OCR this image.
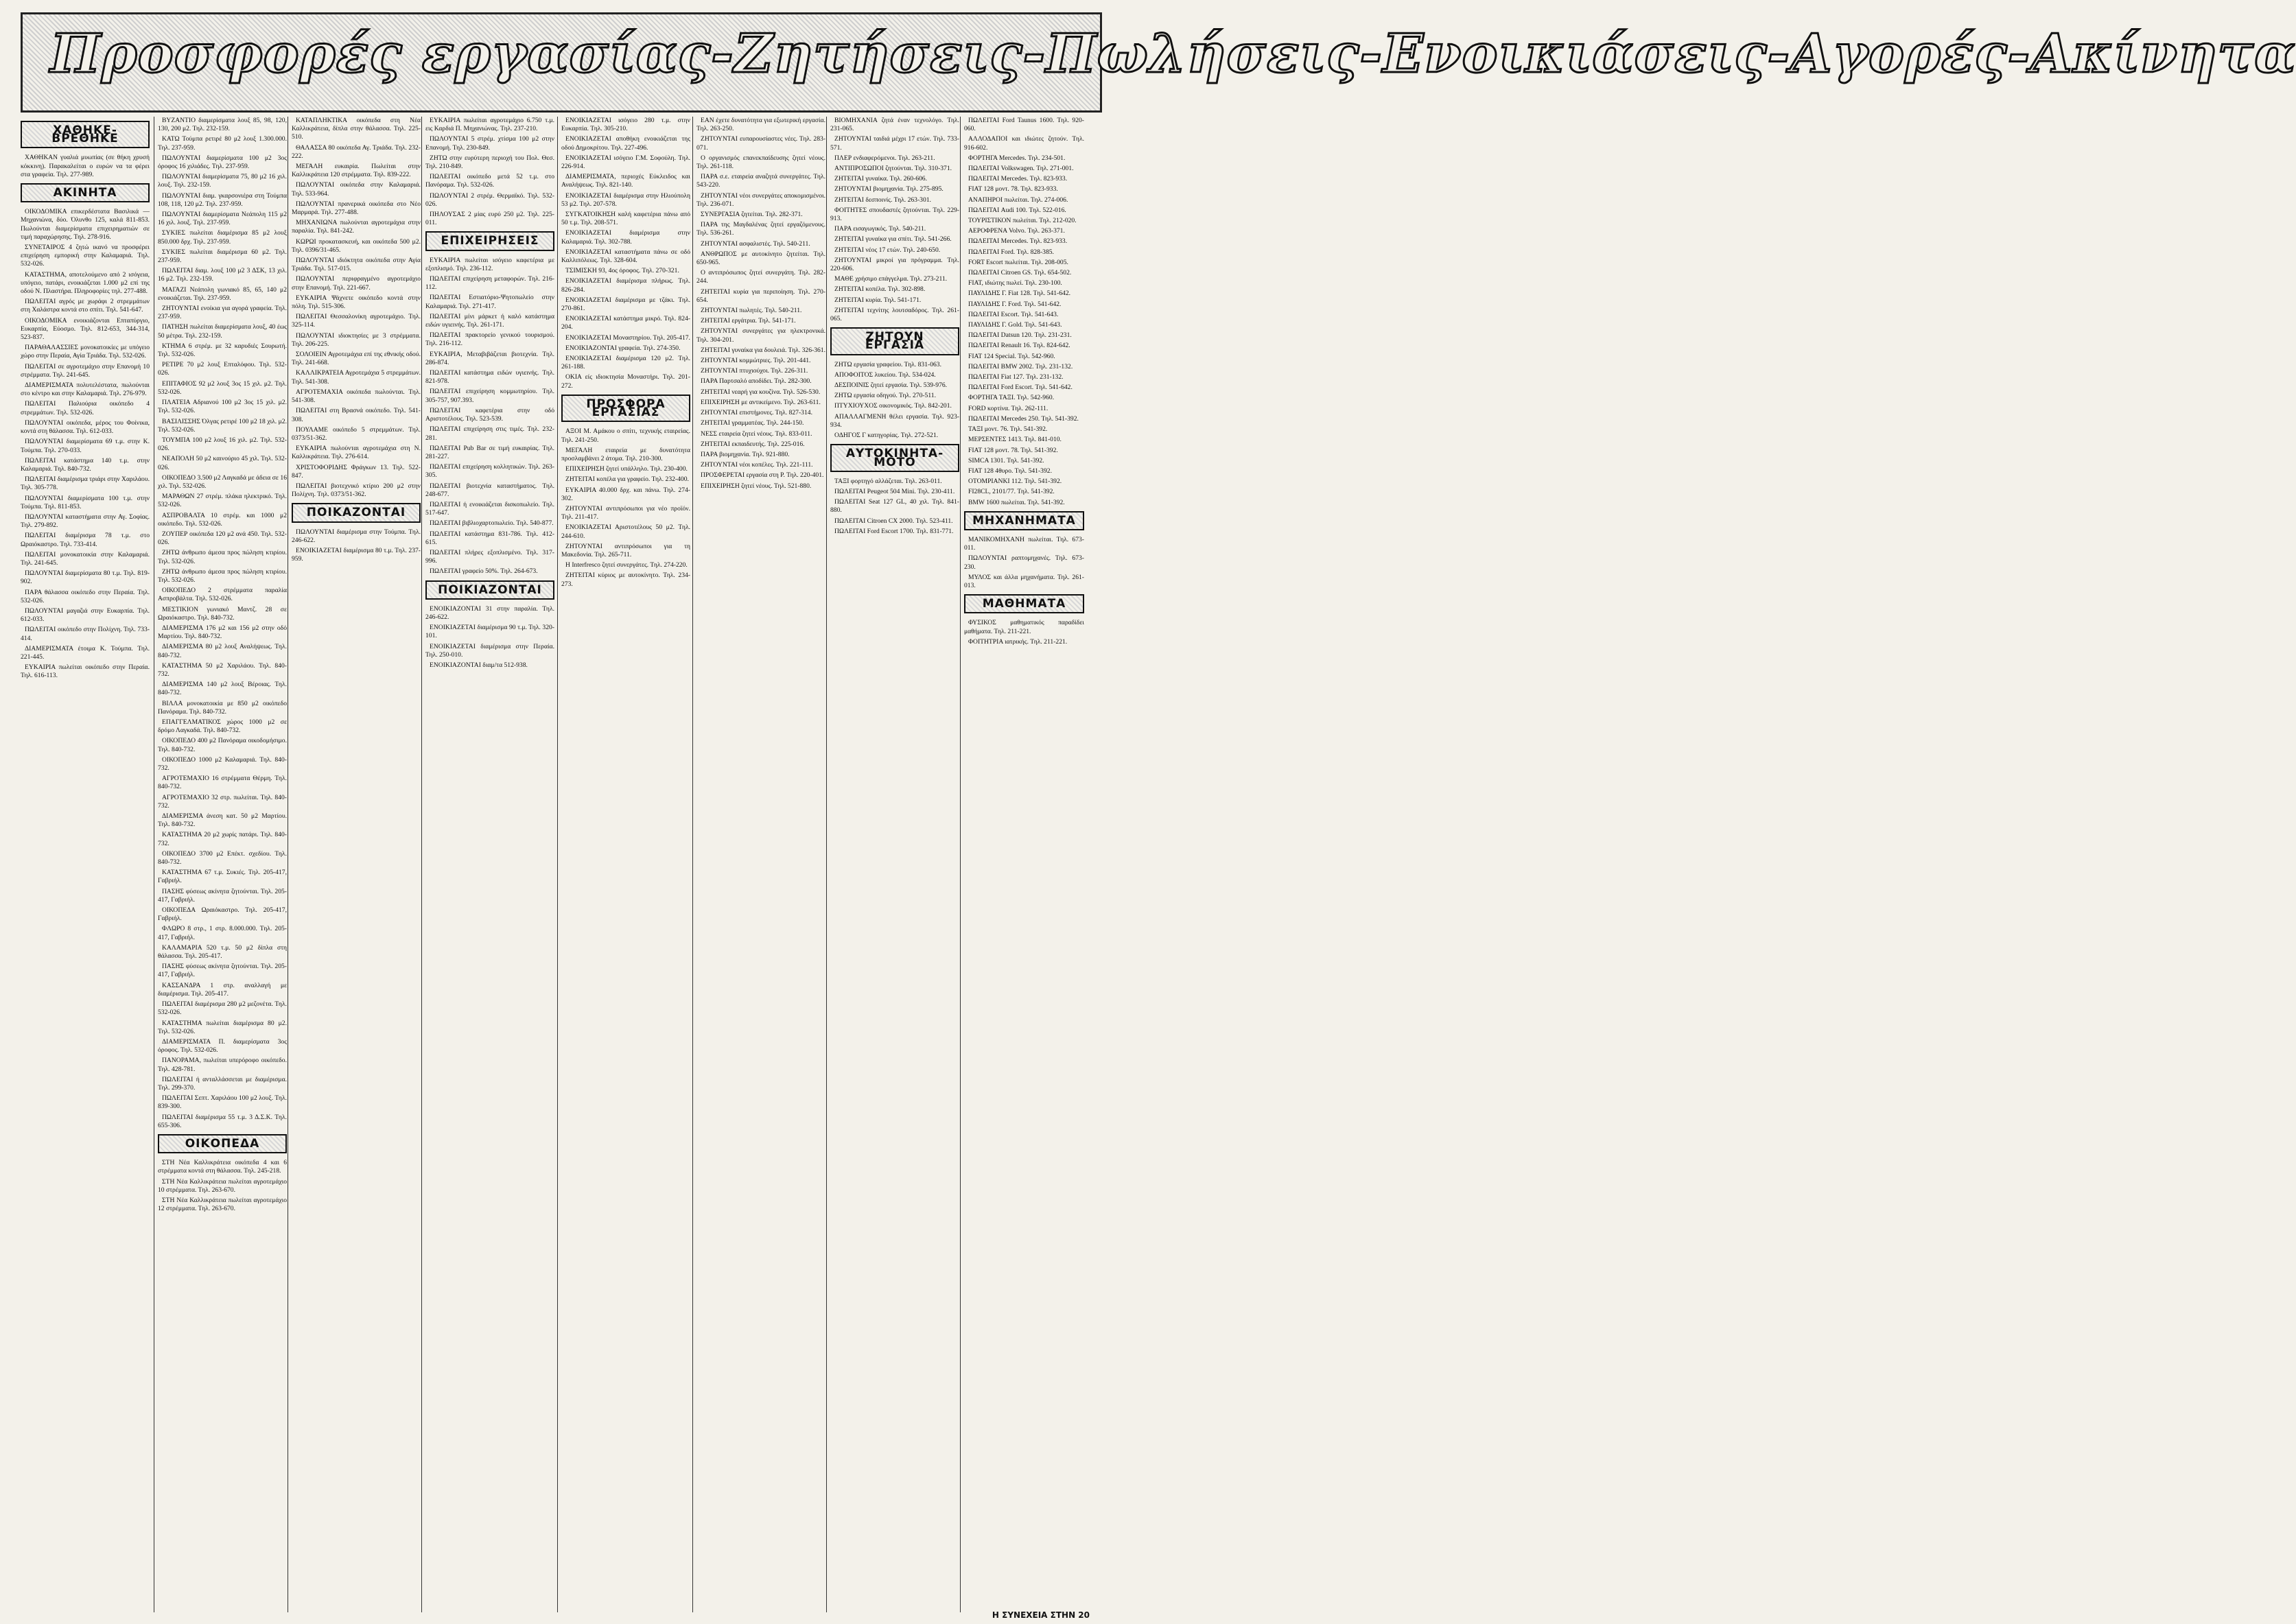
Προσφορές εργασίας-Ζητήσεις-Πωλήσεις-Ενοικιάσεις-Αγορές-Ακίνητα
ΧΑΘΗΚΕ-ΒΡΕΘΗΚΕ

ΧΑΘΗΚΑΝ γυαλιά μυωπίας (σε θήκη χρυσή κόκκινη). Παρακαλείται ο ευρών να τα φέρει στα γραφεία. Τηλ. 277-989.

ΑΚΙΝΗΤΑ

ΟΙΚΟΔΟΜΙΚΑ επικερδέστατα Βασιλικά — Μηχανιώνα, δύο. Όλυνθο 125, καλά 811-853. Πωλούνται διαμερίσματα επιχειρηματιών σε τιμή παραχώρησης. Τηλ. 278-916.

ΣΥΝΕΤΑΙΡΟΣ 4 ζητώ ικανό να προσφέρει επιχείρηση εμπορική στην Καλαμαριά. Τηλ. 532-026.

ΚΑΤΑΣΤΗΜΑ, αποτελούμενο από 2 ισόγεια, υπόγειο, πατάρι, ενοικιάζεται 1.000 μ2 επί της οδού Ν. Πλαστήρα. Πληροφορίες τηλ. 277-488.

ΠΩΛΕΙΤΑΙ αγρός με χωράφι 2 στρεμμάτων στη Χαλάστρα κοντά στο σπίτι. Τηλ. 541-647.

ΟΙΚΟΔΟΜΙΚΑ ενοικιάζονται Επταπύργιο, Ευκαρπία, Εύοσμο. Τηλ. 812-653, 344-314, 523-837.

ΠΑΡΑΘΑΛΑΣΣΙΕΣ μονοκατοικίες με υπόγειο χώρο στην Περαία, Αγία Τριάδα. Τηλ. 532-026.

ΠΩΛΕΙΤΑΙ σε αγροτεμάχιο στην Επανομή 10 στρέμματα. Τηλ. 241-645.

ΔΙΑΜΕΡΙΣΜΑΤΑ πολυτελέστατα, πωλούνται στο κέντρο και στην Καλαμαριά. Τηλ. 276-979.

ΠΩΛΕΙΤΑΙ Παλιούρια οικόπεδο 4 στρεμμάτων. Τηλ. 532-026.

ΠΩΛΟΥΝΤΑΙ οικόπεδα, μέρος του Φοίνικα, κοντά στη θάλασσα. Τηλ. 612-033.

ΠΩΛΟΥΝΤΑΙ διαμερίσματα 69 τ.μ. στην Κ. Τούμπα. Τηλ. 270-033.

ΠΩΛΕΙΤΑΙ κατάστημα 140 τ.μ. στην Καλαμαριά. Τηλ. 840-732.

ΠΩΛΕΙΤΑΙ διαμέρισμα τριάρι στην Χαριλάου. Τηλ. 305-778.

ΠΩΛΟΥΝΤΑΙ διαμερίσματα 100 τ.μ. στην Τούμπα. Τηλ. 811-853.

ΠΩΛΟΥΝΤΑΙ καταστήματα στην Αγ. Σοφίας. Τηλ. 279-892.

ΠΩΛΕΙΤΑΙ διαμέρισμα 78 τ.μ. στο Ωραιόκαστρο. Τηλ. 733-414.

ΠΩΛΕΙΤΑΙ μονοκατοικία στην Καλαμαριά. Τηλ. 241-645.

ΠΩΛΟΥΝΤΑΙ διαμερίσματα 80 τ.μ. Τηλ. 819-902.

ΠΑΡΑ θάλασσα οικόπεδο στην Περαία. Τηλ. 532-026.

ΠΩΛΟΥΝΤΑΙ μαγαζιά στην Ευκαρπία. Τηλ. 612-033.

ΠΩΛΕΙΤΑΙ οικόπεδο στην Πολίχνη. Τηλ. 733-414.

ΔΙΑΜΕΡΙΣΜΑΤΑ έτοιμα Κ. Τούμπα. Τηλ. 221-445.

ΕΥΚΑΙΡΙΑ πωλείται οικόπεδο στην Περαία. Τηλ. 616-113.

ΒΥΖΑΝΤΙΟ διαμερίσματα λουξ 85, 98, 120, 130, 200 μ2. Τηλ. 232-159.

ΚΑΤΩ Τούμπα ρετιρέ 80 μ2 λουξ 1.300.000. Τηλ. 237-959.

ΠΩΛΟΥΝΤΑΙ διαμερίσματα 100 μ2 3ος όροφος 16 χιλιάδες. Τηλ. 237-959.

ΠΩΛΟΥΝΤΑΙ διαμερίσματα 75, 80 μ2 16 χιλ. λουξ. Τηλ. 232-159.

ΠΩΛΟΥΝΤΑΙ διαμ. γκαρσονιέρα στη Τούμπα 108, 118, 120 μ2. Τηλ. 237-959.

ΠΩΛΟΥΝΤΑΙ διαμερίσματα Νεάπολη 115 μ2 16 χιλ. λουξ. Τηλ. 237-959.

ΣΥΚΙΕΣ πωλείται διαμέρισμα 85 μ2 λουξ 850.000 δρχ. Τηλ. 237-959.

ΣΥΚΙΕΣ πωλείται διαμέρισμα 60 μ2. Τηλ. 237-959.

ΠΩΛΕΙΤΑΙ διαμ. λουξ 100 μ2 3 ΔΣΚ, 13 χιλ. 16 μ2. Τηλ. 232-159.

ΜΑΓΑΖΙ Νεάπολη γωνιακό 85, 65, 140 μ2 ενοικιάζεται. Τηλ. 237-959.

ΖΗΤΟΥΝΤΑΙ ενοίκια για αγορά γραφεία. Τηλ. 237-959.

ΠΑΤΗΣΗ πωλείται διαμερίσματα λουξ, 40 έως 50 μέτρα. Τηλ. 232-159.

ΚΤΗΜΑ 6 στρέμ. με 32 καρυδιές Σουρωτή. Τηλ. 532-026.

ΡΕΤΙΡΕ 70 μ2 λουξ Επταλόφου. Τηλ. 532-026.

ΕΠΙΤΑΦΙΟΣ 92 μ2 λουξ 3ος 15 χιλ. μ2. Τηλ. 532-026.

ΠΛΑΤΕΙΑ Αδριανού 100 μ2 3ος 15 χιλ. μ2. Τηλ. 532-026.

ΒΑΣΙΛΙΣΣΗΣ Όλγας ρετιρέ 100 μ2 18 χιλ. μ2. Τηλ. 532-026.

ΤΟΥΜΠΑ 100 μ2 λουξ 16 χιλ. μ2. Τηλ. 532-026.

ΝΕΑΠΟΛΗ 50 μ2 καινούριο 45 χιλ. Τηλ. 532-026.

ΟΙΚΟΠΕΔΟ 3.500 μ2 Λαγκαδά με άδεια σε 16 χιλ. Τηλ. 532-026.

ΜΑΡΑΘΩΝ 27 στρέμ. πλάκα ηλεκτρικό. Τηλ. 532-026.

ΑΣΠΡΟΒΑΛΤΑ 10 στρέμ. και 1000 μ2 οικόπεδο. Τηλ. 532-026.

ΖΟΥΠΕΡ οικόπεδα 120 μ2 ανά 450. Τηλ. 532-026.

ΖΗΤΩ άνθρωπο άμεσα προς πώληση κτιρίου. Τηλ. 532-026.

ΖΗΤΩ άνθρωπο άμεσα προς πώληση κτιρίου. Τηλ. 532-026.

ΟΙΚΟΠΕΔΟ 2 στρέμματα παραλία Ασπροβάλτα. Τηλ. 532-026.

ΜΕΣΤΙΚΙΟΝ γωνιακό Μαντζ. 28 σε Ωραιόκαστρο. Τηλ. 840-732.

ΔΙΑΜΕΡΙΣΜΑ 176 μ2 και 156 μ2 στην οδό Μαρτίου. Τηλ. 840-732.

ΔΙΑΜΕΡΙΣΜΑ 80 μ2 λουξ Αναλήψεως. Τηλ. 840-732.

ΚΑΤΑΣΤΗΜΑ 50 μ2 Χαριλάου. Τηλ. 840-732.

ΔΙΑΜΕΡΙΣΜΑ 140 μ2 λουξ Βέροιας. Τηλ. 840-732.

ΒΙΛΛΑ μονοκατοικία με 850 μ2 οικόπεδο Πανόραμα. Τηλ. 840-732.

ΕΠΑΓΓΕΛΜΑΤΙΚΟΣ χώρος 1000 μ2 σε δρόμο Λαγκαδά. Τηλ. 840-732.

ΟΙΚΟΠΕΔΟ 400 μ2 Πανόραμα οικοδομήσιμο. Τηλ. 840-732.

ΟΙΚΟΠΕΔΟ 1000 μ2 Καλαμαριά. Τηλ. 840-732.

ΑΓΡΟΤΕΜΑΧΙΟ 16 στρέμματα Θέρμη. Τηλ. 840-732.

ΑΓΡΟΤΕΜΑΧΙΟ 32 στρ. πωλείται. Τηλ. 840-732.

ΔΙΑΜΕΡΙΣΜΑ άνεση κατ. 50 μ2 Μαρτίου. Τηλ. 840-732.

ΚΑΤΑΣΤΗΜΑ 20 μ2 χωρίς πατάρι. Τηλ. 840-732.

ΟΙΚΟΠΕΔΟ 3700 μ2 Επέκτ. σχεδίου. Τηλ. 840-732.

ΚΑΤΑΣΤΗΜΑ 67 τ.μ. Συκιές. Τηλ. 205-417, Γαβριήλ.

ΠΑΣΗΣ φύσεως ακίνητα ζητούνται. Τηλ. 205-417, Γαβριήλ.

ΟΙΚΟΠΕΔΑ Ωραιόκαστρο. Τηλ. 205-417, Γαβριήλ.

ΦΛΩΡΟ 8 στρ., 1 στρ. 8.000.000. Τηλ. 205-417, Γαβριήλ.

ΚΑΛΑΜΑΡΙΑ 520 τ.μ. 50 μ2 δίπλα στη θάλασσα. Τηλ. 205-417.

ΠΑΣΗΣ φύσεως ακίνητα ζητούνται. Τηλ. 205-417, Γαβριήλ.

ΚΑΣΣΑΝΔΡΑ 1 στρ. αναλλαγή με διαμέρισμα. Τηλ. 205-417.

ΠΩΛΕΙΤΑΙ διαμέρισμα 280 μ2 μεζονέτα. Τηλ. 532-026.

ΚΑΤΑΣΤΗΜΑ πωλείται διαμέρισμα 80 μ2. Τηλ. 532-026.

ΔΙΑΜΕΡΙΣΜΑΤΑ Π. διαμερίσματα 3ος όροφος. Τηλ. 532-026.

ΠΑΝΟΡΑΜΑ, πωλείται υπερόροφο οικόπεδο. Τηλ. 428-781.

ΠΩΛΕΙΤΑΙ ή ανταλλάσσεται με διαμέρισμα. Τηλ. 299-370.

ΠΩΛΕΙΤΑΙ Σεπτ. Χαριλάου 100 μ2 λουξ. Τηλ. 839-300.

ΠΩΛΕΙΤΑΙ διαμέρισμα 55 τ.μ. 3 Δ.Σ.Κ. Τηλ. 655-306.

ΟΙΚΟΠΕΔΑ

ΣΤΗ Νέα Καλλικράτεια οικόπεδα 4 και 6 στρέμματα κοντά στη θάλασσα. Τηλ. 245-218.

ΣΤΗ Νέα Καλλικράτεια πωλείται αγροτεμάχιο 10 στρέμματα. Τηλ. 263-670.

ΣΤΗ Νέα Καλλικράτεια πωλείται αγροτεμάχιο 12 στρέμματα. Τηλ. 263-670.

ΚΑΤΑΠΛΗΚΤΙΚΑ οικόπεδα στη Νέα Καλλικράτεια, δίπλα στην θάλασσα. Τηλ. 225-510.

ΘΑΛΑΣΣΑ 80 οικόπεδα Αγ. Τριάδα. Τηλ. 232-222.

ΜΕΓΑΛΗ ευκαιρία. Πωλείται στην Καλλικράτεια 120 στρέμματα. Τηλ. 839-222.

ΠΩΛΟΥΝΤΑΙ οικόπεδα στην Καλαμαριά. Τηλ. 533-964.

ΠΩΛΟΥΝΤΑΙ πρανερικά οικόπεδα στο Νέο Μαρμαρά. Τηλ. 277-488.

ΜΗΧΑΝΙΩΝΑ πωλούνται αγροτεμάχια στην παραλία. Τηλ. 841-242.

ΚΩΡΩΙ προκατασκευή, και οικόπεδα 500 μ2. Τηλ. 0396/31-465.

ΠΩΛΟΥΝΤΑΙ ιδιόκτητα οικόπεδα στην Αγία Τριάδα. Τηλ. 517-015.

ΠΩΛΟΥΝΤΑΙ περιφραγμένο αγροτεμάχιο στην Επανομή. Τηλ. 221-667.

ΕΥΚΑΙΡΙΑ Ψάχνετε οικόπεδο κοντά στην πόλη. Τηλ. 515-306.

ΠΩΛΕΙΤΑΙ Θεσσαλονίκη αγροτεμάχιο. Τηλ. 325-114.

ΠΩΛΟΥΝΤΑΙ ιδιοκτησίες με 3 στρέμματα. Τηλ. 206-225.

ΣΟΛΟΙΕΙΝ Αγροτεμάχια επί της εθνικής οδού. Τηλ. 241-668.

ΚΑΛΛΙΚΡΑΤΕΙΑ Αγροτεμάχια 5 στρεμμάτων. Τηλ. 541-308.

ΑΓΡΟΤΕΜΑΧΙΑ οικόπεδα πωλούνται. Τηλ. 541-308.

ΠΩΛΕΙΤΑΙ στη Βρασνά οικόπεδο. Τηλ. 541-308.

ΠΟΥΛΑΜΕ οικόπεδο 5 στρεμμάτων. Τηλ. 0373/51-362.

ΕΥΚΑΙΡΙΑ πωλούνται αγροτεμάχια στη Ν. Καλλικράτεια. Τηλ. 276-614.

ΧΡΙΣΤΟΦΟΡΙΔΗΣ Φράγκων 13. Τηλ. 522-847.

ΠΩΛΕΙΤΑΙ βιοτεχνικό κτίριο 200 μ2 στην Πολίχνη. Τηλ. 0373/51-362.

ΠΟΙΚΑΖΟΝΤΑΙ

ΠΩΛΟΥΝΤΑΙ διαμέρισμα στην Τούμπα. Τηλ. 246-622.

ΕΝΟΙΚΙΑΖΕΤΑΙ διαμέρισμα 80 τ.μ. Τηλ. 237-959.

ΕΥΚΑΙΡΙΑ πωλείται αγροτεμάχιο 6.750 τ.μ. εις Καρδιά Π. Μηχανιώνας. Τηλ. 237-210.

ΠΩΛΟΥΝΤΑΙ 5 στρέμ. χτίσμα 100 μ2 στην Επανομή. Τηλ. 230-849.

ΖΗΤΩ στην ευρύτερη περιοχή του Πολ. Θεσ. Τηλ. 210-849.

ΠΩΛΕΙΤΑΙ οικόπεδο μετά 52 τ.μ. στο Πανόραμα. Τηλ. 532-026.

ΠΩΛΟΥΝΤΑΙ 2 στρέμ. Θερμαϊκό. Τηλ. 532-026.

ΠΗΛΟΥΣΑΣ 2 μίας ευρύ 250 μ2. Τηλ. 225-011.

ΕΠΙΧΕΙΡΗΣΕΙΣ

ΕΥΚΑΙΡΙΑ πωλείται ισόγειο καφετέρια με εξοπλισμό. Τηλ. 236-112.

ΠΩΛΕΙΤΑΙ επιχείρηση μεταφορών. Τηλ. 216-112.

ΠΩΛΕΙΤΑΙ Εστιατόριο-Ψητοπωλείο στην Καλαμαριά. Τηλ. 271-417.

ΠΩΛΕΙΤΑΙ μίνι μάρκετ ή καλό κατάστημα ειδών υγιεινής. Τηλ. 261-171.

ΠΩΛΕΙΤΑΙ πρακτορείο γενικού τουρισμού. Τηλ. 216-112.

ΕΥΚΑΙΡΙΑ, Μεταβιβάζεται βιοτεχνία. Τηλ. 286-874.

ΠΩΛΕΙΤΑΙ κατάστημα ειδών υγιεινής. Τηλ. 821-978.

ΠΩΛΕΙΤΑΙ επιχείρηση κομμωτηρίου. Τηλ. 305-757, 907.393.

ΠΩΛΕΙΤΑΙ καφετέρια στην οδό Αριστοτέλους. Τηλ. 523-539.

ΠΩΛΕΙΤΑΙ επιχείρηση στις τιμές. Τηλ. 232-281.

ΠΩΛΕΙΤΑΙ Pub Bar σε τιμή ευκαιρίας. Τηλ. 281-227.

ΠΩΛΕΙΤΑΙ επιχείρηση κολλητικών. Τηλ. 263-305.

ΠΩΛΕΙΤΑΙ βιοτεχνία καταστήματος. Τηλ. 248-677.

ΠΩΛΕΙΤΑΙ ή ενοικιάζεται δισκοπωλείο. Τηλ. 517-647.

ΠΩΛΕΙΤΑΙ βιβλιοχαρτοπωλείο. Τηλ. 540-877.

ΠΩΛΕΙΤΑΙ κατάστημα 831-786. Τηλ. 412-615.

ΠΩΛΕΙΤΑΙ πλήρες εξοπλισμένο. Τηλ. 317-996.

ΠΩΛΕΙΤΑΙ γραφείο 50%. Τηλ. 264-673.

ΠΟΙΚΙΑΖΟΝΤΑΙ

ΕΝΟΙΚΙΑΖΟΝΤΑΙ 31 στην παραλία. Τηλ. 246-622.

ΕΝΟΙΚΙΑΖΕΤΑΙ διαμέρισμα 90 τ.μ. Τηλ. 320-101.

ΕΝΟΙΚΙΑΖΕΤΑΙ διαμέρισμα στην Περαία. Τηλ. 250-010.

ΕΝΟΙΚΙΑΖΟΝΤΑΙ διαμ/τα 512-938.

ΕΝΟΙΚΙΑΖΕΤΑΙ ισόγειο 280 τ.μ. στην Ευκαρπία. Τηλ. 305-210.

ΕΝΟΙΚΙΑΖΕΤΑΙ αποθήκη ενοικιάζεται της οδού Δημοκρίτου. Τηλ. 227-496.

ΕΝΟΙΚΙΑΖΕΤΑΙ ισόγειο Γ.Μ. Σοφούλη. Τηλ. 226-914.

ΔΙΑΜΕΡΙΣΜΑΤΑ, περιοχές Εύκλειδος και Αναλήψεως. Τηλ. 821-140.

ΕΝΟΙΚΙΑΖΕΤΑΙ διαμέρισμα στην Ηλιούπολη 53 μ2. Τηλ. 207-578.

ΣΥΓΚΑΤΟΙΚΗΣΗ καλή καφετέρια πάνω από 50 τ.μ. Τηλ. 208-571.

ΕΝΟΙΚΙΑΖΕΤΑΙ διαμέρισμα στην Καλαμαριά. Τηλ. 302-788.

ΕΝΟΙΚΙΑΖΕΤΑΙ καταστήματα πάνω σε οδό Καλλιπόλεως. Τηλ. 328-604.

ΤΣΙΜΙΣΚΗ 93, 4ος όροφος. Τηλ. 270-321.

ΕΝΟΙΚΙΑΖΕΤΑΙ διαμέρισμα πλήρως. Τηλ. 826-284.

ΕΝΟΙΚΙΑΖΕΤΑΙ διαμέρισμα με τζάκι. Τηλ. 270-861.

ΕΝΟΙΚΙΑΖΕΤΑΙ κατάστημα μικρό. Τηλ. 824-204.

ΕΝΟΙΚΙΑΖΕΤΑΙ Μοναστηρίου. Τηλ. 205-417.

ΕΝΟΙΚΙΑΖΟΝΤΑΙ γραφεία. Τηλ. 274-350.

ΕΝΟΙΚΙΑΖΕΤΑΙ διαμέρισμα 120 μ2. Τηλ. 261-188.

ΟΚΙΑ είς ιδιοκτησία Μοναστήρι. Τηλ. 201-272.

ΠΡΟΣΦΟΡΑ ΕΡΓΑΣΙΑΣ

ΑΞΟΙ Μ. Αμάκου ο σπίτι, τεχνικής εταιρείας. Τηλ. 241-250.

ΜΕΓΑΛΗ εταιρεία με δυνατότητα προσλαμβάνει 2 άτομα. Τηλ. 210-300.

ΕΠΙΧΕΙΡΗΣΗ ζητεί υπάλληλο. Τηλ. 230-400.

ΖΗΤΕΙΤΑΙ κοπέλα για γραφείο. Τηλ. 232-400.

ΕΥΚΑΙΡΙΑ 40.000 δρχ. και πάνω. Τηλ. 274-302.

ΖΗΤΟΥΝΤΑΙ αντιπρόσωποι για νέο προϊόν. Τηλ. 211-417.

ΕΝΟΙΚΙΑΖΕΤΑΙ Αριστοτέλους 50 μ2. Τηλ. 244-610.

ΖΗΤΟΥΝΤΑΙ αντιπρόσωποι για τη Μακεδονία. Τηλ. 265-711.

Η Interfresco ζητεί συνεργάτες. Τηλ. 274-220.

ΖΗΤΕΙΤΑΙ κύριος με αυτοκίνητο. Τηλ. 234-273.

ΕΑΝ έχετε δυνατότητα για εξωτερική εργασία. Τηλ. 263-250.

ΖΗΤΟΥΝΤΑΙ ευπαρουσίαστες νέες. Τηλ. 283-071.

Ο οργανισμός επανεκπαίδευσης ζητεί νέους. Τηλ. 261-118.

ΠΑΡΑ σ.ε. εταιρεία αναζητά συνεργάτες. Τηλ. 543-220.

ΖΗΤΟΥΝΤΑΙ νέοι συνεργάτες αποκομισμένοι. Τηλ. 236-071.

ΣΥΝΕΡΓΑΣΙΑ ζητείται. Τηλ. 282-371.

ΠΑΡΑ της Μαγδαλένας ζητεί εργαζόμενους. Τηλ. 536-261.

ΖΗΤΟΥΝΤΑΙ ασφαλιστές. Τηλ. 540-211.

ΑΝΘΡΩΠΟΣ με αυτοκίνητο ζητείται. Τηλ. 650-965.

Ο αντιπρόσωπος ζητεί συνεργάτη. Τηλ. 282-244.

ΖΗΤΕΙΤΑΙ κυρία για περιποίηση. Τηλ. 270-654.

ΖΗΤΟΥΝΤΑΙ πωλητές. Τηλ. 540-211.

ΖΗΤΕΙΤΑΙ εργάτρια. Τηλ. 541-171.

ΖΗΤΟΥΝΤΑΙ συνεργάτες για ηλεκτρονικά. Τηλ. 304-201.

ΖΗΤΕΙΤΑΙ γυναίκα για δουλειά. Τηλ. 326-361.

ΖΗΤΟΥΝΤΑΙ κομμώτριες. Τηλ. 201-441.

ΖΗΤΟΥΝΤΑΙ πτυχιούχοι. Τηλ. 226-311.

ΠΑΡΑ Παρτσαλό αποδίδει. Τηλ. 282-300.

ΖΗΤΕΙΤΑΙ νεαρή για κουζίνα. Τηλ. 526-530.

ΕΠΙΧΕΙΡΗΣΗ με αντικείμενο. Τηλ. 263-611.

ΖΗΤΟΥΝΤΑΙ επιστήμονες. Τηλ. 827-314.

ΖΗΤΕΙΤΑΙ γραμματέας. Τηλ. 244-150.

ΝΕΣΣ εταιρεία ζητεί νέους. Τηλ. 833-011.

ΖΗΤΕΙΤΑΙ εκπαιδευτής. Τηλ. 225-016.

ΠΑΡΑ βιομηχανία. Τηλ. 921-880.

ΖΗΤΟΥΝΤΑΙ νέοι κοπέλες. Τηλ. 221-111.

ΠΡΟΣΦΕΡΕΤΑΙ εργασία στη Ρ. Τηλ. 220-401.

ΕΠΙΧΕΙΡΗΣΗ ζητεί νέους. Τηλ. 521-880.

ΒΙΟΜΗΧΑΝΙΑ ζητά έναν τεχνολόγο. Τηλ. 231-065.

ΖΗΤΟΥΝΤΑΙ ταιδιά μέχρι 17 ετών. Τηλ. 733-571.

ΠΛΕΡ ενδιαφερόμενοι. Τηλ. 263-211.

ΑΝΤΙΠΡΟΣΩΠΟΙ ζητούνται. Τηλ. 310-371.

ΖΗΤΕΙΤΑΙ γυναίκα. Τηλ. 260-606.

ΖΗΤΟΥΝΤΑΙ βιομηχανία. Τηλ. 275-895.

ΖΗΤΕΙΤΑΙ δεσποινίς. Τηλ. 263-301.

ΦΟΙΤΗΤΕΣ σπουδαστές ζητούνται. Τηλ. 229-913.

ΠΑΡΑ εισαγωγικός. Τηλ. 540-211.

ΖΗΤΕΙΤΑΙ γυναίκα για σπίτι. Τηλ. 541-266.

ΖΗΤΕΙΤΑΙ νέος 17 ετών. Τηλ. 240-650.

ΖΗΤΟΥΝΤΑΙ μικροί για πρόγραμμα. Τηλ. 220-606.

ΜΑΘΕ χρήσιμο επάγγελμα. Τηλ. 273-211.

ΖΗΤΕΙΤΑΙ κοπέλα. Τηλ. 302-898.

ΖΗΤΕΙΤΑΙ κυρία. Τηλ. 541-171.

ΖΗΤΕΙΤΑΙ τεχνίτης λουτσαδόρος. Τηλ. 261-065.

ΖΗΤΟΥΝ ΕΡΓΑΣΙΑ

ΖΗΤΩ εργασία γραφείου. Τηλ. 831-063.

ΑΠΟΦΟΙΤΟΣ λυκείου. Τηλ. 534-024.

ΔΕΣΠΟΙΝΙΣ ζητεί εργασία. Τηλ. 539-976.

ΖΗΤΩ εργασία οδηγού. Τηλ. 270-511.

ΠΤΥΧΙΟΥΧΟΣ οικονομικός. Τηλ. 842-201.

ΑΠΑΛΛΑΓΜΕΝΗ θέλει εργασία. Τηλ. 923-934.

ΟΔΗΓΟΣ Γ κατηγορίας. Τηλ. 272-521.

ΑΥΤΟΚΙΝΗΤΑ-ΜΟΤΟ

ΤΑΞΙ φορτηγό αλλάζεται. Τηλ. 263-011.

ΠΩΛΕΙΤΑΙ Peugeot 504 Mini. Τηλ. 230-411.

ΠΩΛΕΙΤΑΙ Seat 127 GL, 40 χιλ. Τηλ. 841-880.

ΠΩΛΕΙΤΑΙ Citroen CX 2000. Τηλ. 523-411.

ΠΩΛΕΙΤΑΙ Ford Escort 1700. Τηλ. 831-771.

ΠΩΛΕΙΤΑΙ Ford Taunus 1600. Τηλ. 920-060.

ΑΛΛΟΔΑΠΟΙ και ιδιώτες ζητούν. Τηλ. 916-602.

ΦΟΡΤΗΓΑ Mercedes. Τηλ. 234-501.

ΠΩΛΕΙΤΑΙ Volkswagen. Τηλ. 271-001.

ΠΩΛΕΙΤΑΙ Mercedes. Τηλ. 823-933.

FIAT 128 μοντ. 78. Τηλ. 823-933.

ΑΝΑΠΗΡΟΙ πωλείται. Τηλ. 274-006.

ΠΩΛΕΙΤΑΙ Audi 100. Τηλ. 522-016.

ΤΟΥΡΙΣΤΙΚΟΝ πωλείται. Τηλ. 212-020.

ΑΕΡΟΦΡΕΝΑ Volvo. Τηλ. 263-371.

ΠΩΛΕΙΤΑΙ Mercedes. Τηλ. 823-933.

ΠΩΛΕΙΤΑΙ Ford. Τηλ. 828-385.

FORT Escort πωλείται. Τηλ. 208-005.

ΠΩΛΕΙΤΑΙ Citroen GS. Τηλ. 654-502.

FIAT, ιδιώτης πωλεί. Τηλ. 230-100.

ΠΑΥΛΙΔΗΣ Γ. Fiat 128. Τηλ. 541-642.

ΠΑΥΛΙΔΗΣ Γ. Ford. Τηλ. 541-642.

ΠΩΛΕΙΤΑΙ Escort. Τηλ. 541-643.

ΠΑΥΛΙΔΗΣ Γ. Gold. Τηλ. 541-643.

ΠΩΛΕΙΤΑΙ Datsun 120. Τηλ. 231-231.

ΠΩΛΕΙΤΑΙ Renault 16. Τηλ. 824-642.

FIAT 124 Special. Τηλ. 542-960.

ΠΩΛΕΙΤΑΙ BMW 2002. Τηλ. 231-132.

ΠΩΛΕΙΤΑΙ Fiat 127. Τηλ. 231-132.

ΠΩΛΕΙΤΑΙ Ford Escort. Τηλ. 541-642.

ΦΟΡΤΗΓΑ ΤΑΞΙ. Τηλ. 542-960.

FORD κορτίνα. Τηλ. 262-111.

ΠΩΛΕΙΤΑΙ Mercedes 250. Τηλ. 541-392.

ΤΑΞΙ μοντ. 76. Τηλ. 541-392.

ΜΕΡΣΕΝΤΕΣ 1413. Τηλ. 841-010.

FIAT 128 μοντ. 78. Τηλ. 541-392.

SIMCA 1301. Τηλ. 541-392.

FIAT 128 4θυρο. Τηλ. 541-392.

OTOMPIANKI 112. Τηλ. 541-392.

FI28CL, 2101/77. Τηλ. 541-392.

BMW 1600 πωλείται. Τηλ. 541-392.

ΜΗΧΑΝΗΜΑΤΑ

ΜΑΝΙΚΟΜΗΧΑΝΗ πωλείται. Τηλ. 673-011.

ΠΩΛΟΥΝΤΑΙ ραπτομηχανές. Τηλ. 673-230.

ΜΥΛΟΣ και άλλα μηχανήματα. Τηλ. 261-013.

ΜΑΘΗΜΑΤΑ

ΦΥΣΙΚΟΣ μαθηματικός παραδίδει μαθήματα. Τηλ. 211-221.

ΦΟΙΤΗΤΡΙΑ ιατρικής. Τηλ. 211-221.

Η ΣΥΝΕΧΕΙΑ ΣΤΗΝ 20
